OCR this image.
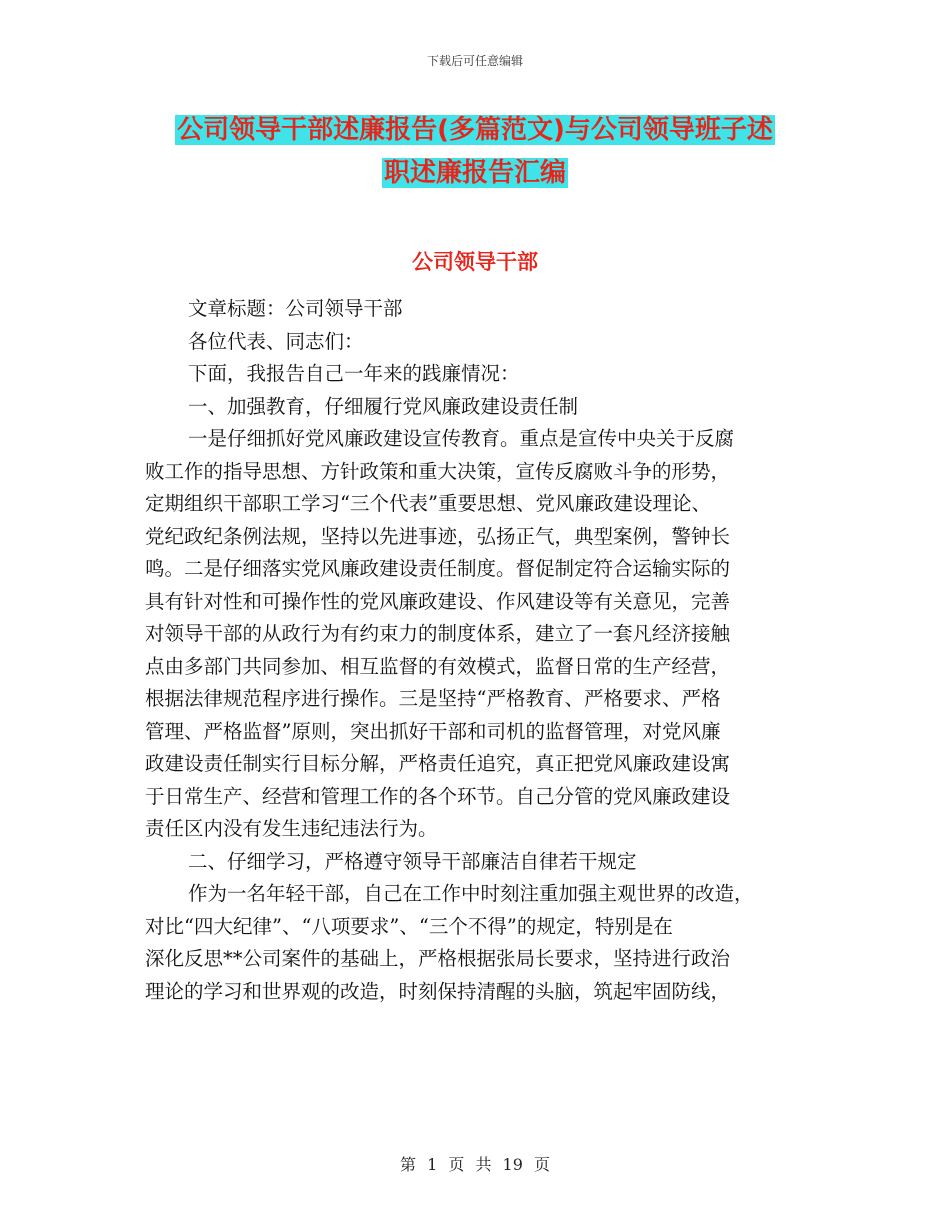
下载后可任意编辑
公司领导干部述廉报告(多篇范文)与公司领导班子述
职述廉报告汇编
公司领导干部
文章标题：公司领导干部
各位代表、同志们：
下面，我报告自己一年来的践廉情况：
一、加强教育，仔细履行党风廉政建设责任制
一是仔细抓好党风廉政建设宣传教育。重点是宣传中央关于反腐
败工作的指导思想、方针政策和重大决策，宣传反腐败斗争的形势，
定期组织干部职工学习“三个代表”重要思想、党风廉政建设理论、
党纪政纪条例法规，坚持以先进事迹，弘扬正气，典型案例，警钟长
鸣。二是仔细落实党风廉政建设责任制度。督促制定符合运输实际的
具有针对性和可操作性的党风廉政建设、作风建设等有关意见，完善
对领导干部的从政行为有约束力的制度体系，建立了一套凡经济接触
点由多部门共同参加、相互监督的有效模式，监督日常的生产经营，
根据法律规范程序进行操作。三是坚持“严格教育、严格要求、严格
管理、严格监督”原则，突出抓好干部和司机的监督管理，对党风廉
政建设责任制实行目标分解，严格责任追究，真正把党风廉政建设寓
于日常生产、经营和管理工作的各个环节。自己分管的党风廉政建设
责任区内没有发生违纪违法行为。
二、仔细学习，严格遵守领导干部廉洁自律若干规定
作为一名年轻干部，自己在工作中时刻注重加强主观世界的改造，
对比“四大纪律”、“八项要求”、“三个不得”的规定，特别是在
深化反思**公司案件的基础上，严格根据张局长要求，坚持进行政治
理论的学习和世界观的改造，时刻保持清醒的头脑，筑起牢固防线，
第 1 页 共 19 页
